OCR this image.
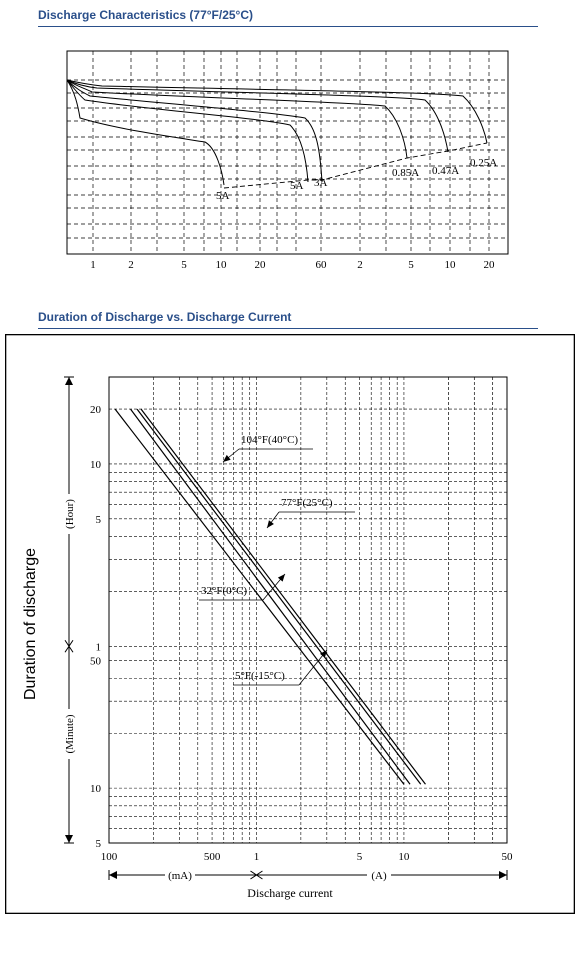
Discharge Characteristics (77°F/25°C)
1	2	5	10	20	60	2	5	10	20
5A
5A 3A
0.85A 0.47A
0.25A
Duration of Discharge vs. Discharge Current
100	500	1	5	10	50
20
10
5
1
50
10
5
(Hour)
(Minute)
Duration of discharge
(mA)	(A)
Discharge current
104°F(40°C)
77°F(25°C)
32°F(0°C)
5°F(-15°C)
